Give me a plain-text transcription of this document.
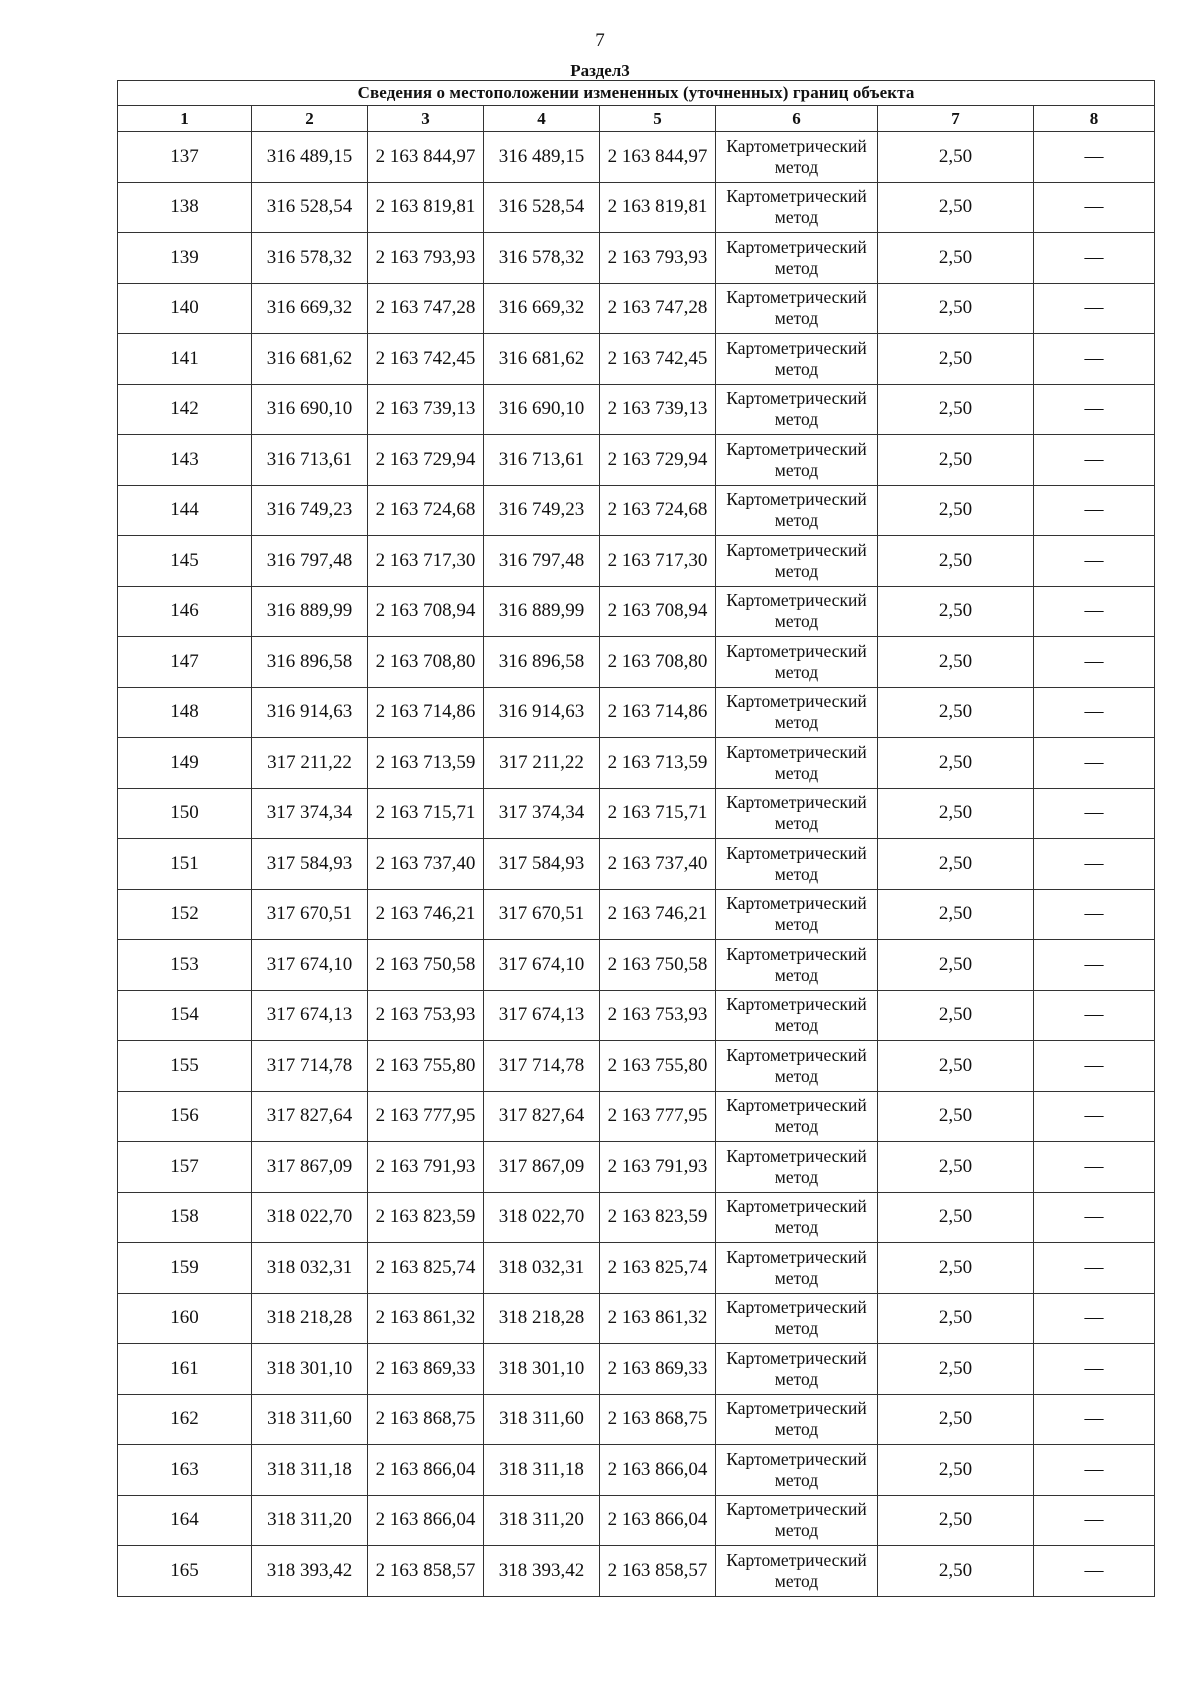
7
Раздел3
Сведения о местоположении измененных (уточненных) границ объекта							
1	2	3	4	5	6	7	8
137	316 489,15	2 163 844,97	316 489,15	2 163 844,97	Картометрический метод	2,50	—
138	316 528,54	2 163 819,81	316 528,54	2 163 819,81	Картометрический метод	2,50	—
139	316 578,32	2 163 793,93	316 578,32	2 163 793,93	Картометрический метод	2,50	—
140	316 669,32	2 163 747,28	316 669,32	2 163 747,28	Картометрический метод	2,50	—
141	316 681,62	2 163 742,45	316 681,62	2 163 742,45	Картометрический метод	2,50	—
142	316 690,10	2 163 739,13	316 690,10	2 163 739,13	Картометрический метод	2,50	—
143	316 713,61	2 163 729,94	316 713,61	2 163 729,94	Картометрический метод	2,50	—
144	316 749,23	2 163 724,68	316 749,23	2 163 724,68	Картометрический метод	2,50	—
145	316 797,48	2 163 717,30	316 797,48	2 163 717,30	Картометрический метод	2,50	—
146	316 889,99	2 163 708,94	316 889,99	2 163 708,94	Картометрический метод	2,50	—
147	316 896,58	2 163 708,80	316 896,58	2 163 708,80	Картометрический метод	2,50	—
148	316 914,63	2 163 714,86	316 914,63	2 163 714,86	Картометрический метод	2,50	—
149	317 211,22	2 163 713,59	317 211,22	2 163 713,59	Картометрический метод	2,50	—
150	317 374,34	2 163 715,71	317 374,34	2 163 715,71	Картометрический метод	2,50	—
151	317 584,93	2 163 737,40	317 584,93	2 163 737,40	Картометрический метод	2,50	—
152	317 670,51	2 163 746,21	317 670,51	2 163 746,21	Картометрический метод	2,50	—
153	317 674,10	2 163 750,58	317 674,10	2 163 750,58	Картометрический метод	2,50	—
154	317 674,13	2 163 753,93	317 674,13	2 163 753,93	Картометрический метод	2,50	—
155	317 714,78	2 163 755,80	317 714,78	2 163 755,80	Картометрический метод	2,50	—
156	317 827,64	2 163 777,95	317 827,64	2 163 777,95	Картометрический метод	2,50	—
157	317 867,09	2 163 791,93	317 867,09	2 163 791,93	Картометрический метод	2,50	—
158	318 022,70	2 163 823,59	318 022,70	2 163 823,59	Картометрический метод	2,50	—
159	318 032,31	2 163 825,74	318 032,31	2 163 825,74	Картометрический метод	2,50	—
160	318 218,28	2 163 861,32	318 218,28	2 163 861,32	Картометрический метод	2,50	—
161	318 301,10	2 163 869,33	318 301,10	2 163 869,33	Картометрический метод	2,50	—
162	318 311,60	2 163 868,75	318 311,60	2 163 868,75	Картометрический метод	2,50	—
163	318 311,18	2 163 866,04	318 311,18	2 163 866,04	Картометрический метод	2,50	—
164	318 311,20	2 163 866,04	318 311,20	2 163 866,04	Картометрический метод	2,50	—
165	318 393,42	2 163 858,57	318 393,42	2 163 858,57	Картометрический метод	2,50	—
